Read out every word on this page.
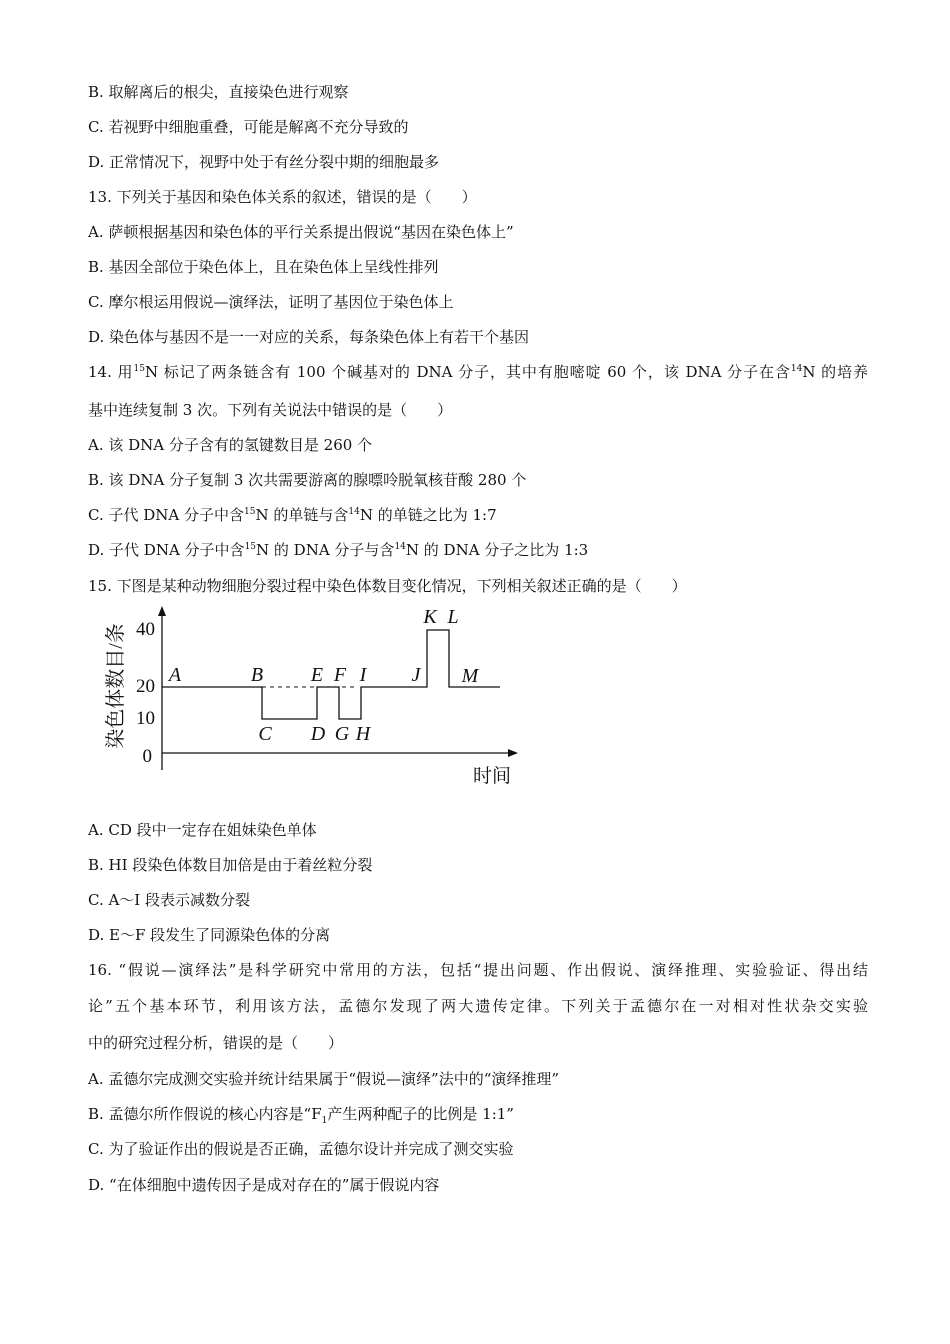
B. 取解离后的根尖，直接染色进行观察
C. 若视野中细胞重叠，可能是解离不充分导致的
D. 正常情况下，视野中处于有丝分裂中期的细胞最多
13. 下列关于基因和染色体关系的叙述，错误的是（　　）
A. 萨顿根据基因和染色体的平行关系提出假说“基因在染色体上”
B. 基因全部位于染色体上，且在染色体上呈线性排列
C. 摩尔根运用假说—演绎法，证明了基因位于染色体上
D. 染色体与基因不是一一对应的关系，每条染色体上有若干个基因
14. 用$^{15}$N 标记了两条链含有 100 个碱基对的 DNA 分子，其中有胞嘧啶 60 个，该 DNA 分子在含$^{14}$N 的培养
基中连续复制 3 次。下列有关说法中错误的是（　　）
A. 该 DNA 分子含有的氢键数目是 260 个
B. 该 DNA 分子复制 3 次共需要游离的腺嘌呤脱氧核苷酸 280 个
C. 子代 DNA 分子中含$^{15}$N 的单链与含$^{14}$N 的单链之比为 1:7
D. 子代 DNA 分子中含$^{15}$N 的 DNA 分子与含$^{14}$N 的 DNA 分子之比为 1:3
15. 下图是某种动物细胞分裂过程中染色体数目变化情况，下列相关叙述正确的是（　　）
染色体数目/条 40
20
10
0
时间
A	B
C D
E F
G H
I J
K L
M
A. CD 段中一定存在姐妹染色单体
B. HI 段染色体数目加倍是由于着丝粒分裂
C. A～I 段表示减数分裂
D. E～F 段发生了同源染色体的分离
16. “假说—演绎法”是科学研究中常用的方法，包括“提出问题、作出假说、演绎推理、实验验证、得出结
论”五个基本环节，利用该方法，孟德尔发现了两大遗传定律。下列关于孟德尔在一对相对性状杂交实验
中的研究过程分析，错误的是（　　）
A. 孟德尔完成测交实验并统计结果属于“假说—演绎”法中的“演绎推理”
B. 孟德尔所作假说的核心内容是“$F_1$产生两种配子的比例是 1:1”
C. 为了验证作出的假说是否正确，孟德尔设计并完成了测交实验
D. “在体细胞中遗传因子是成对存在的”属于假说内容
